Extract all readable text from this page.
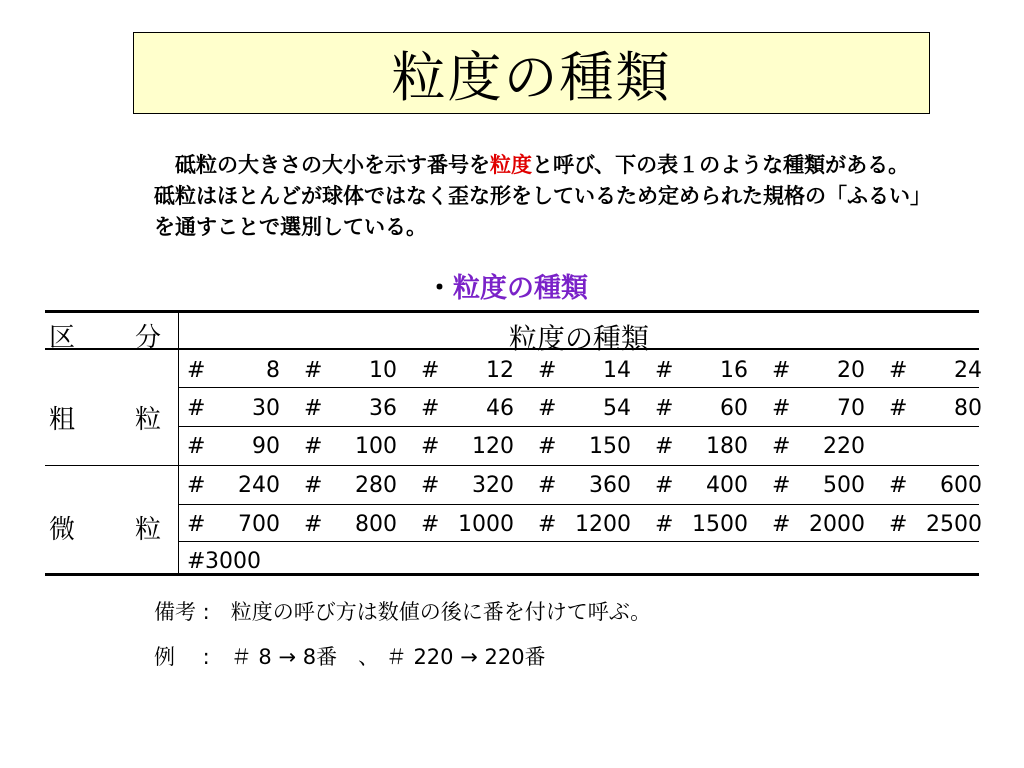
粒度の種類
　砥粒の大きさの大小を示す番号を粒度と呼び、下の表１のような種類がある。砥粒はほとんどが球体ではなく歪な形をしているため定められた規格の「ふるい」を通すことで選別している。
・粒度の種類
区 分	粒度の種類
粗 粒
微 粒
#	8 # 10 # 12 # 14 # 16 # 20 # 24
# 30 # 36 # 46 # 54 # 60 # 70 # 80
# 90 # 100 # 120 # 150 # 180 # 220
# 240 # 280 # 320 # 360 # 400 # 500 # 600
# 700 # 800 # 1000 # 1200 # 1500 # 2000 # 2500
# 3000
備考 :　粒度の呼び方は数値の後に番を付けて呼ぶ。
例　 :　＃ 8 → 8番　、 ＃ 220 → 220番
